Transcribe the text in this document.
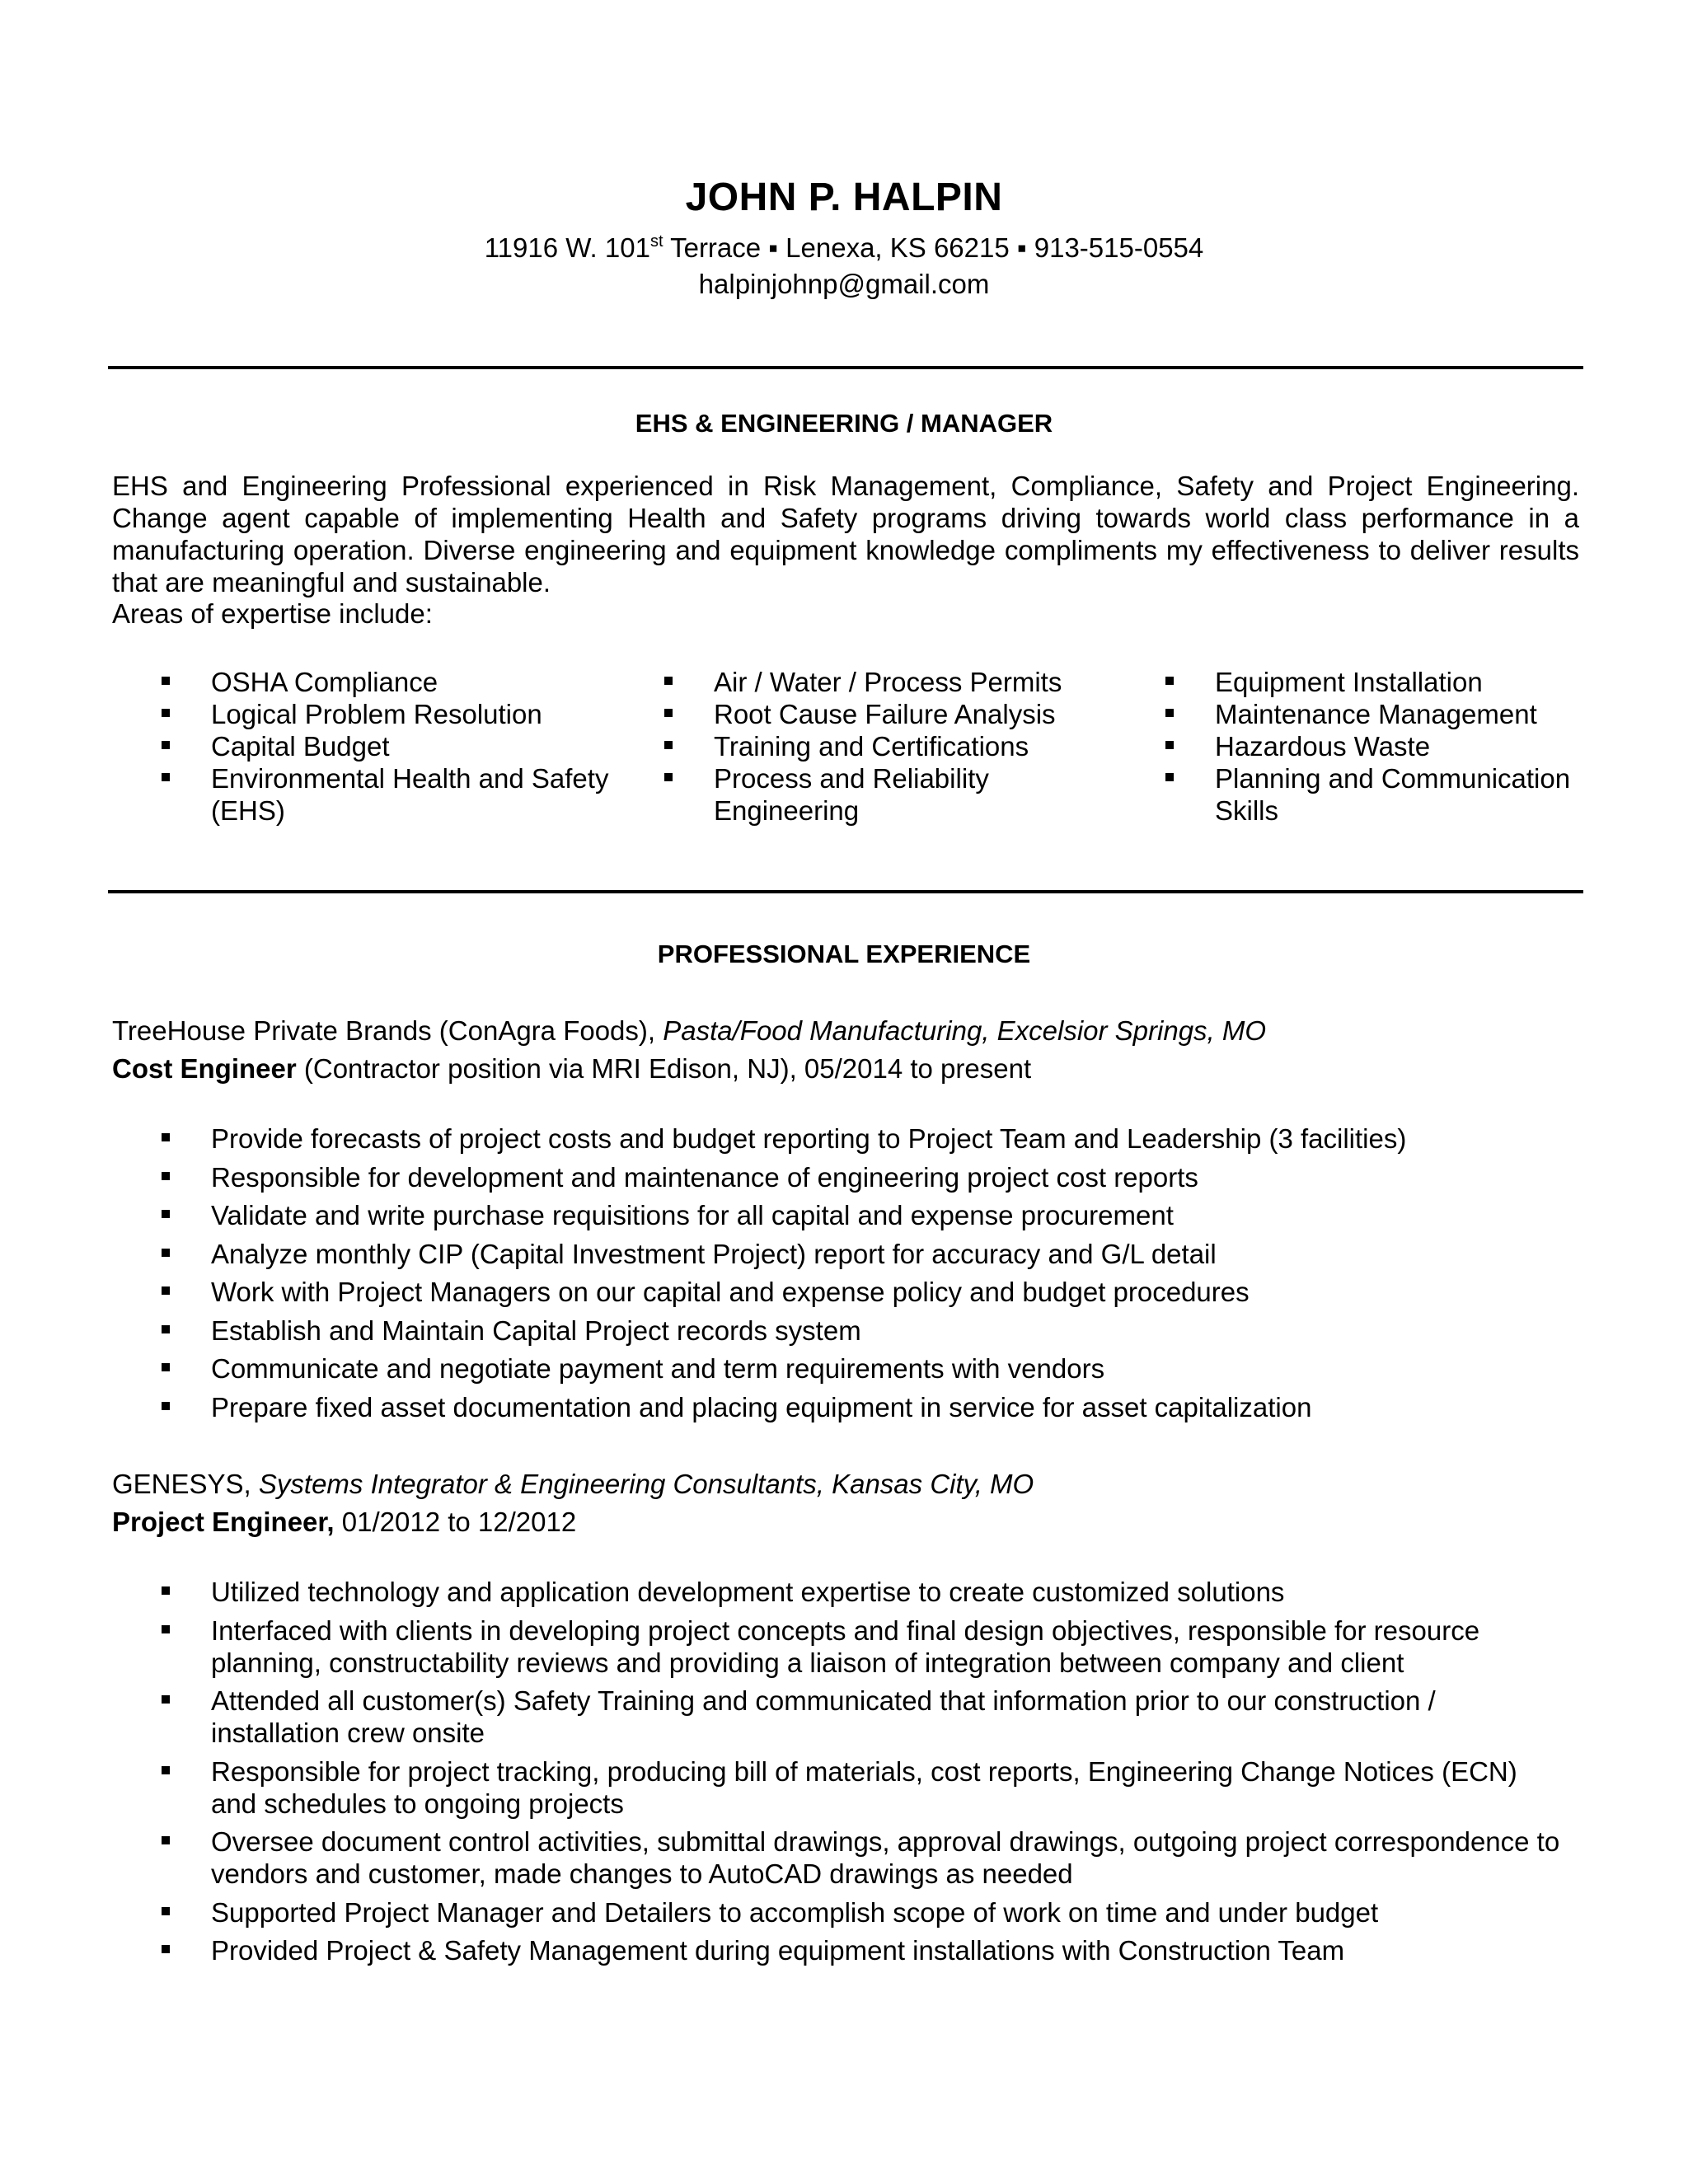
JOHN P. HALPIN
11916 W. 101st Terrace ▪ Lenexa, KS 66215 ▪ 913-515-0554
halpinjohnp@gmail.com
EHS & ENGINEERING / MANAGER

EHS and Engineering Professional experienced in Risk Management, Compliance, Safety and Project Engineering. Change agent capable of implementing Health and Safety programs driving towards world class performance in a manufacturing operation. Diverse engineering and equipment knowledge compliments my effectiveness to deliver results that are meaningful and sustainable.

Areas of expertise include:
OSHA Compliance
Logical Problem Resolution
Capital Budget
Environmental Health and Safety (EHS)
Air / Water / Process Permits
Root Cause Failure Analysis
Training and Certifications
Process and Reliability Engineering
Equipment Installation
Maintenance Management
Hazardous Waste
Planning and Communication Skills
PROFESSIONAL EXPERIENCE
TreeHouse Private Brands (ConAgra Foods), Pasta/Food Manufacturing, Excelsior Springs, MO
Cost Engineer (Contractor position via MRI Edison, NJ), 05/2014 to present
Provide forecasts of project costs and budget reporting to Project Team and Leadership (3 facilities)
Responsible for development and maintenance of engineering project cost reports
Validate and write purchase requisitions for all capital and expense procurement
Analyze monthly CIP (Capital Investment Project) report for accuracy and G/L detail
Work with Project Managers on our capital and expense policy and budget procedures
Establish and Maintain Capital Project records system
Communicate and negotiate payment and term requirements with vendors
Prepare fixed asset documentation and placing equipment in service for asset capitalization
GENESYS, Systems Integrator & Engineering Consultants, Kansas City, MO
Project Engineer, 01/2012 to 12/2012
Utilized technology and application development expertise to create customized solutions
Interfaced with clients in developing project concepts and final design objectives, responsible for resource planning, constructability reviews and providing a liaison of integration between company and client
Attended all customer(s) Safety Training and communicated that information prior to our construction / installation crew onsite
Responsible for project tracking, producing bill of materials, cost reports, Engineering Change Notices (ECN) and schedules to ongoing projects
Oversee document control activities, submittal drawings, approval drawings, outgoing project correspondence to vendors and customer, made changes to AutoCAD drawings as needed
Supported Project Manager and Detailers to accomplish scope of work on time and under budget
Provided Project & Safety Management during equipment installations with Construction Team
